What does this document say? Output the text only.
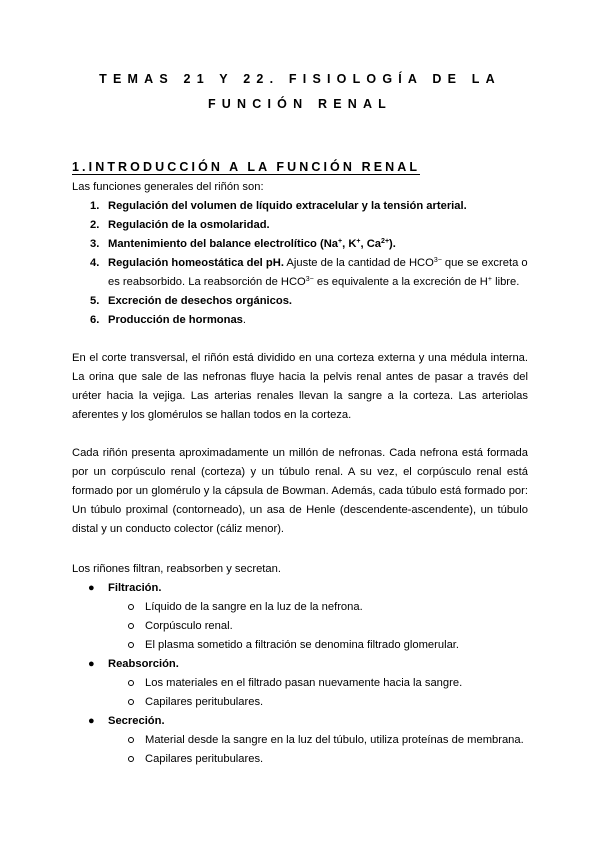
TEMAS 21 Y 22. FISIOLOGÍA DE LA
FUNCIÓN RENAL
1.INTRODUCCIÓN A LA FUNCIÓN RENAL
Las funciones generales del riñón son:
1. Regulación del volumen de líquido extracelular y la tensión arterial.
2. Regulación de la osmolaridad.
3. Mantenimiento del balance electrolítico (Na+, K+, $Ca^{2+}$).
4. Regulación homeostática del pH. Ajuste de la cantidad de $HCO^{3-}$ que se excreta o
es reabsorbido. La reabsorción de $HCO^{3-}$ es equivalente a la excreción de H+ libre.
5. Excreción de desechos orgánicos.
6. Producción de hormonas.

En el corte transversal, el riñón está dividido en una corteza externa y una médula interna. La orina que sale de las nefronas fluye hacia la pelvis renal antes de pasar a través del uréter hacia la vejiga. Las arterias renales llevan la sangre a la corteza. Las arteriolas aferentes y los glomérulos se hallan todos en la corteza.

Cada riñón presenta aproximadamente un millón de nefronas. Cada nefrona está formada por un corpúsculo renal (corteza) y un túbulo renal. A su vez, el corpúsculo renal está formado por un glomérulo y la cápsula de Bowman. Además, cada túbulo está formado por: Un túbulo proximal (contorneado), un asa de Henle (descendente-ascendente), un túbulo distal y un conducto colector (cáliz menor).

Los riñones filtran, reabsorben y secretan.

● Filtración.
Líquido de la sangre en la luz de la nefrona.
Corpúsculo renal.
El plasma sometido a filtración se denomina filtrado glomerular.
● Reabsorción.
Los materiales en el filtrado pasan nuevamente hacia la sangre.
Capilares peritubulares.
● Secreción.
Material desde la sangre en la luz del túbulo, utiliza proteínas de membrana.
Capilares peritubulares.
